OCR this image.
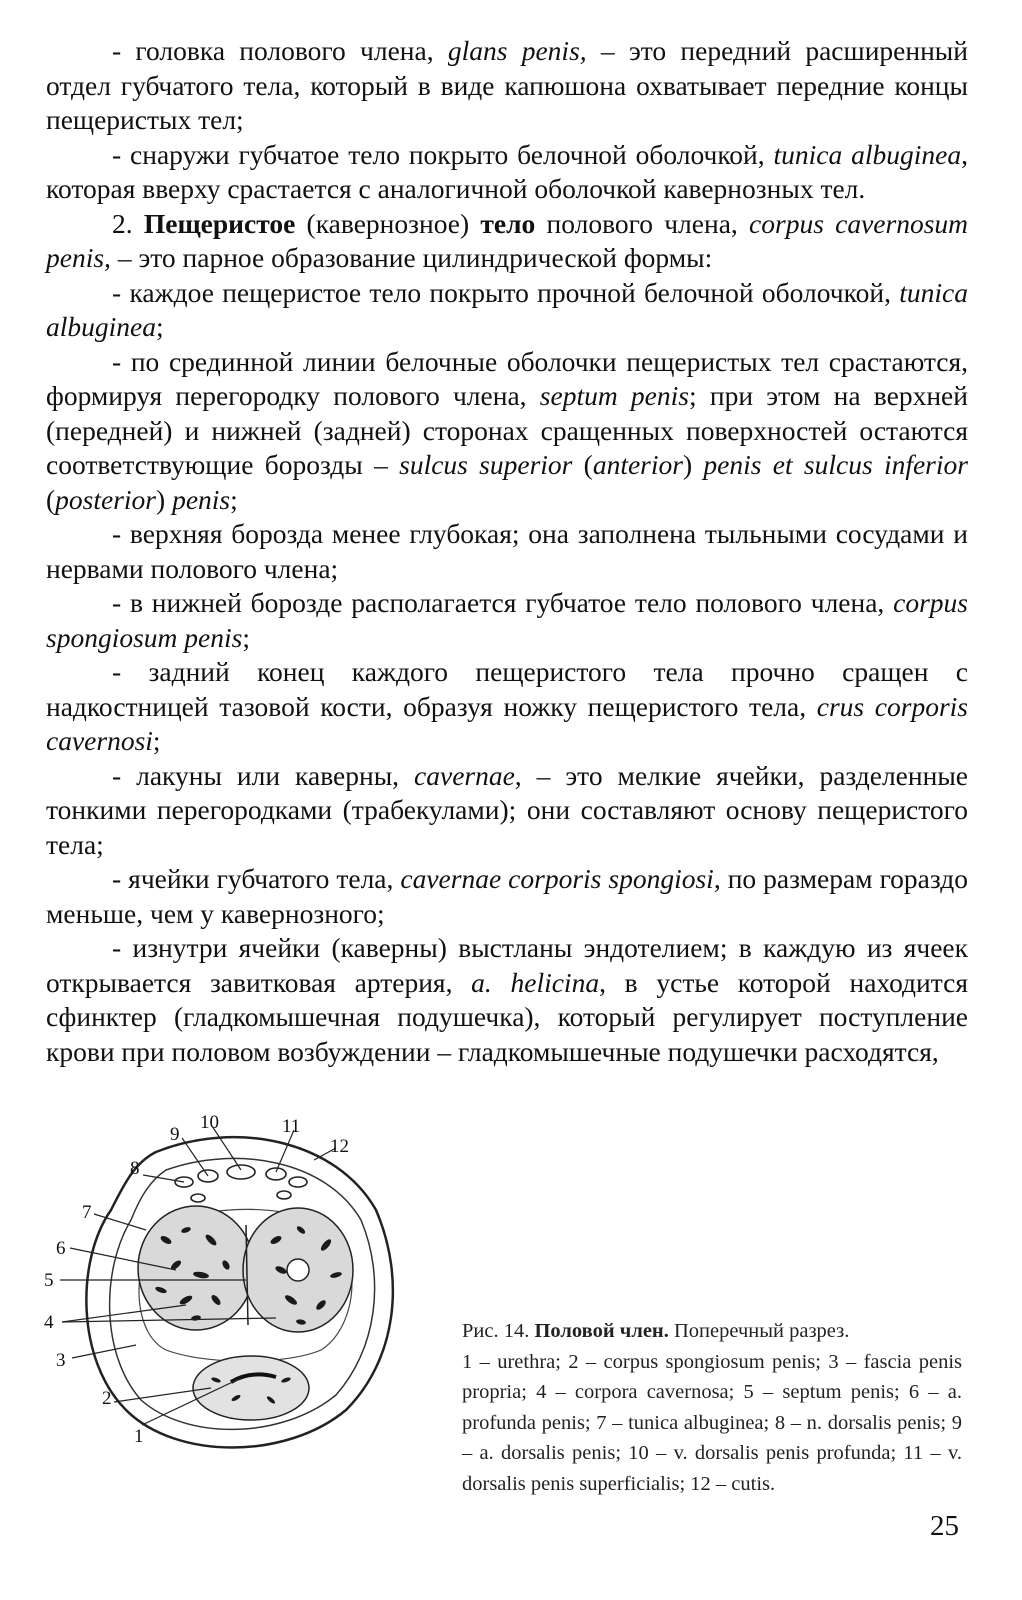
- головка полового члена, glans penis, – это передний расширенный отдел губчатого тела, который в виде капюшона охватывает передние концы пещеристых тел;

- снаружи губчатое тело покрыто белочной оболочкой, tunica albuginea, которая вверху срастается с аналогичной оболочкой кавернозных тел.

2. Пещеристое (кавернозное) тело полового члена, corpus cavernosum penis, – это парное образование цилиндрической формы:

- каждое пещеристое тело покрыто прочной белочной оболочкой, tunica albuginea;

- по срединной линии белочные оболочки пещеристых тел срастаются, формируя перегородку полового члена, septum penis; при этом на верхней (передней) и нижней (задней) сторонах сращенных поверхностей остаются соответствующие борозды – sulcus superior (anterior) penis et sulcus inferior (posterior) penis;

- верхняя борозда менее глубокая; она заполнена тыльными сосудами и нервами полового члена;

- в нижней борозде располагается губчатое тело полового члена, corpus spongiosum penis;

- задний конец каждого пещеристого тела прочно сращен с надкостницей тазовой кости, образуя ножку пещеристого тела, crus corporis cavernosi;

- лакуны или каверны, cavernae, – это мелкие ячейки, разделенные тонкими перегородками (трабекулами); они составляют основу пещеристого тела;

- ячейки губчатого тела, cavernae corporis spongiosi, по размерам гораздо меньше, чем у кавернозного;

- изнутри ячейки (каверны) выстланы эндотелием; в каждую из ячеек открывается завитковая артерия, a. helicina, в устье которой находится сфинктер (гладкомышечная подушечка), который регулирует поступление крови при половом возбуждении – гладкомышечные подушечки расходятся,

1
2
3
4
5
6
7
8
9
10	11
12
Рис. 14. Половой член. Поперечный разрез.
1 – urethra; 2 – corpus spongiosum penis; 3 – fascia penis propria; 4 – corpora cavernosa; 5 – septum penis; 6 – a. profunda penis; 7 – tunica albuginea; 8 – n. dorsalis penis; 9 – a. dorsalis penis; 10 – v. dorsalis penis profunda; 11 – v. dorsalis penis superficialis; 12 – cutis.
25
